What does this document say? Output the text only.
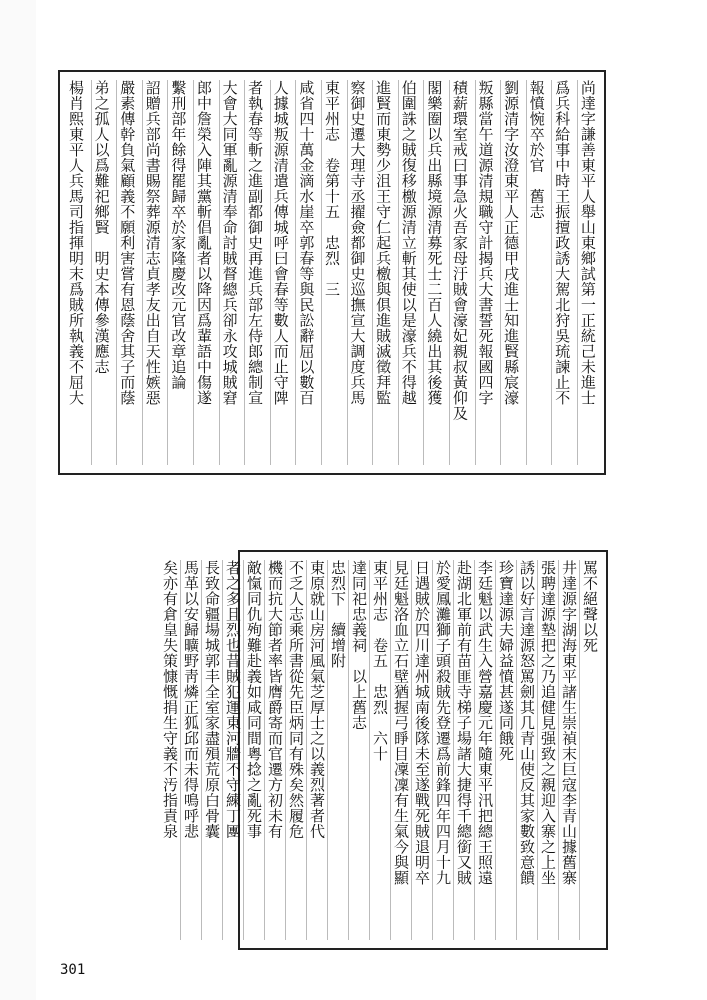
尚達字謙善東平人舉山東鄉試第一正統己未進士
爲兵科給事中時王振擅政誘大駕北狩吳琉諫止不
報憤惋卒於官　舊志
劉源清字汝澄東平人正德甲戌進士知進賢縣宸濠
叛縣當午道源清規職守計揭兵大書誓死報國四字
積薪環室戒曰事急火吾家母汙賊會濠妃親叔黃仰及
閣樂圈以兵出縣境源清募死士二百人繞出其後獲
伯圍誅之賊復移檄源清立斬其使以是濠兵不得越
進賢而東勢少沮王守仁起兵檄與俱進賊滅徵拜監
察御史遷大理寺丞擢僉都御史巡撫宣大調度兵馬
東平州志　卷第十五　忠烈　三
咸省四十萬金滴水崖卒郭春等與民訟辭屈以數百
人據城叛源清遣兵傳城呼曰會春等數人而止守陴
者執春等斬之進副都御史再進兵部左侍郎總制宣
大會大同軍亂源清奉命討賊督總兵卻永攻城賊窘
郎中詹榮入陣其黨斬倡亂者以降因爲輩語中傷遂
繫刑部年餘得罷歸卒於家隆慶改元官改章追論
詔贈兵部尚書賜祭葬源清志貞孝友出自天性嫉惡
嚴素傳幹負氣顧義不願利害嘗有恩蔭舍其子而蔭
弟之孤人以爲難祀鄉賢　明史本傳參漢應志
楊肖熙東平人兵馬司指揮明末爲賊所執義不屈大
罵不絕聲以死
井達源字湖海東平諸生崇禎末巨寇李青山據舊寨
張聘達源墊把之乃追健見强致之親迎入寨之上坐
誘以好言達源怒罵劍其几青山使反其家數致意饋
珍寶達源夫婦益憤甚遂同餓死
李廷魁以武生入營嘉慶元年隨東平汛把總王照遠
赴湖北軍前有苗匪寺梯子場諸大捷得千總銜又賊
於愛鳳灘獅子頭殺賊先登遷爲前鋒四年四月十九
日遇賊於四川達州城南後隊未至遂戰死賊退明卒
見廷魁洛血立石壁猶握弓睜目凜凜有生氣今與顯
東平州志　卷五　忠烈　六十
達同祀忠義祠　以上舊志
忠烈下　續增附
東原就山房河風氣芝厚士之以義烈著者代
不乏人志乘所書從先臣炳同有殊矣然履危
機而抗大節者率皆膺爵寄而官遷方初未有
敵愾同仇殉難赴義如咸同間粵捻之亂死事
者之多且烈也昔賊犯運東河牆不守練丁團
長致命疆場城郭丰全室家盡殞荒原白骨囊
馬革以安歸曠野靑燐正狐邱而未得鳴呼悲
矣亦有倉皇失策慷慨捐生守義不汚指責泉
301
